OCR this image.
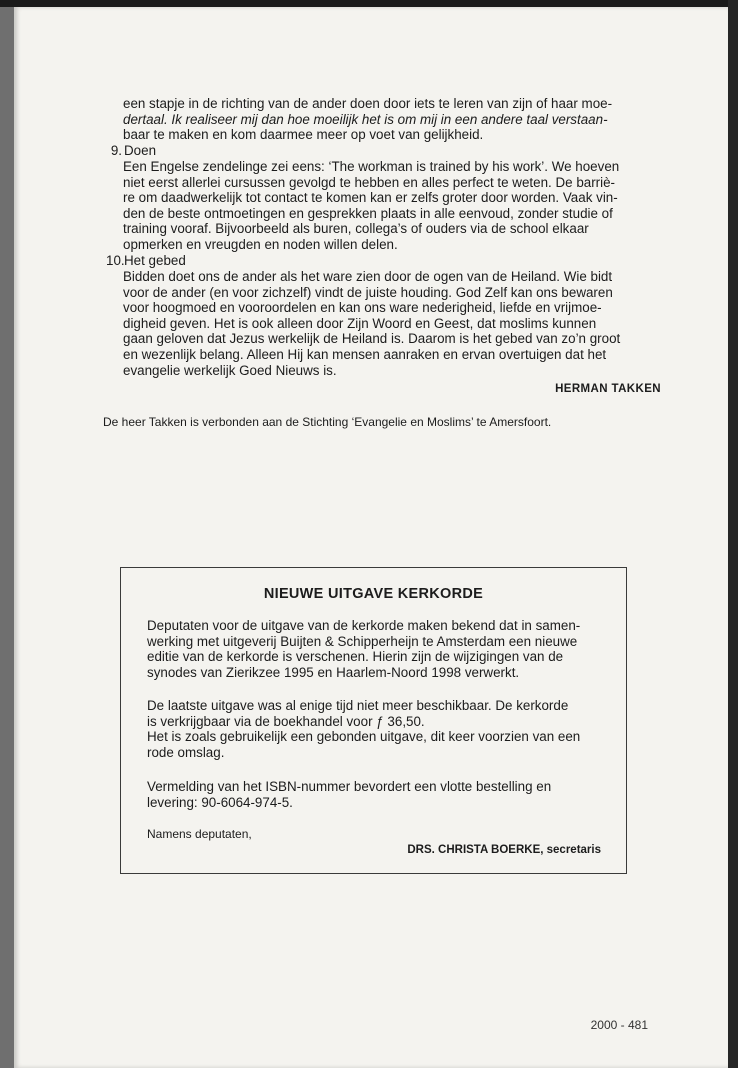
een stapje in de richting van de ander doen door iets te leren van zijn of haar moe-
dertaal. Ik realiseer mij dan hoe moeilijk het is om mij in een andere taal verstaan-
baar te maken en kom daarmee meer op voet van gelijkheid.
9. Doen
Een Engelse zendelinge zei eens: ‘The workman is trained by his work’. We hoeven
niet eerst allerlei cursussen gevolgd te hebben en alles perfect te weten. De barriè-
re om daadwerkelijk tot contact te komen kan er zelfs groter door worden. Vaak vin-
den de beste ontmoetingen en gesprekken plaats in alle eenvoud, zonder studie of
training vooraf. Bijvoorbeeld als buren, collega’s of ouders via de school elkaar
opmerken en vreugden en noden willen delen.
10.Het gebed
Bidden doet ons de ander als het ware zien door de ogen van de Heiland. Wie bidt
voor de ander (en voor zichzelf) vindt de juiste houding. God Zelf kan ons bewaren
voor hoogmoed en vooroordelen en kan ons ware nederigheid, liefde en vrijmoe-
digheid geven. Het is ook alleen door Zijn Woord en Geest, dat moslims kunnen
gaan geloven dat Jezus werkelijk de Heiland is. Daarom is het gebed van zo’n groot
en wezenlijk belang. Alleen Hij kan mensen aanraken en ervan overtuigen dat het
evangelie werkelijk Goed Nieuws is.
HERMAN TAKKEN
De heer Takken is verbonden aan de Stichting ‘Evangelie en Moslims’ te Amersfoort.
NIEUWE UITGAVE KERKORDE
Deputaten voor de uitgave van de kerkorde maken bekend dat in samen-
werking met uitgeverij Buijten & Schipperheijn te Amsterdam een nieuwe
editie van de kerkorde is verschenen. Hierin zijn de wijzigingen van de
synodes van Zierikzee 1995 en Haarlem-Noord 1998 verwerkt.
De laatste uitgave was al enige tijd niet meer beschikbaar. De kerkorde
is verkrijgbaar via de boekhandel voor ƒ 36,50.
Het is zoals gebruikelijk een gebonden uitgave, dit keer voorzien van een
rode omslag.
Vermelding van het ISBN-nummer bevordert een vlotte bestelling en
levering: 90-6064-974-5.
Namens deputaten,
DRS. CHRISTA BOERKE, secretaris
2000 - 481
